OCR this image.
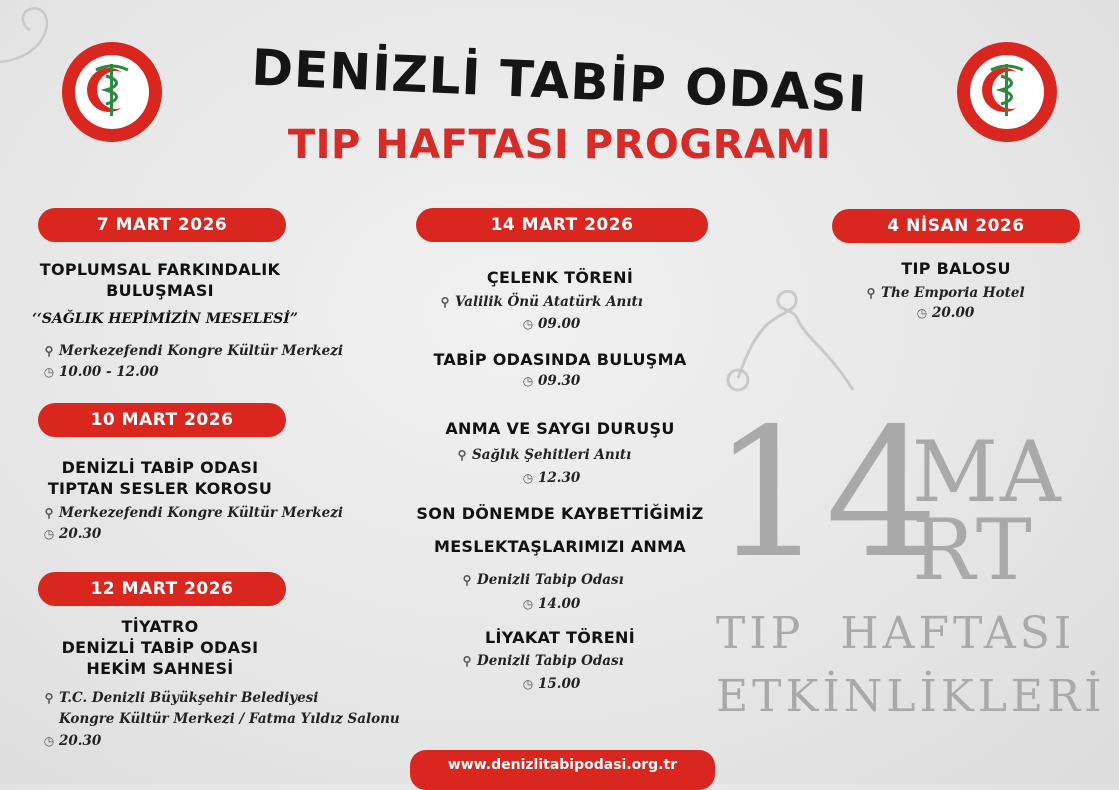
DENİZLİ TABİP ODASI
TIP HAFTASI PROGRAMI
14
MA
RT
TIP  HAFTASI
ETKİNLİKLERİ
7 MART 2026
TOPLUMSAL FARKINDALIK
BULUŞMASI
‘‘SAĞLIK HEPİMİZİN MESELESİ”
⚲ Merkezefendi Kongre Kültür Merkezi
◷ 10.00 - 12.00
10 MART 2026
DENİZLİ TABİP ODASI
TIPTAN SESLER KOROSU
⚲ Merkezefendi Kongre Kültür Merkezi
◷ 20.30
12 MART 2026
TİYATRO
DENİZLİ TABİP ODASI
HEKİM SAHNESİ
⚲ T.C. Denizli Büyükşehir Belediyesi
Kongre Kültür Merkezi / Fatma Yıldız Salonu
◷ 20.30
14 MART 2026
ÇELENK TÖRENİ
⚲ Valilik Önü Atatürk Anıtı
◷ 09.00
TABİP ODASINDA BULUŞMA
◷ 09.30
ANMA VE SAYGI DURUŞU
⚲ Sağlık Şehitleri Anıtı
◷ 12.30
SON DÖNEMDE KAYBETTİĞİMİZ
MESLEKTAŞLARIMIZI ANMA
⚲ Denizli Tabip Odası
◷ 14.00
LİYAKAT TÖRENİ
⚲ Denizli Tabip Odası
◷ 15.00
4 NİSAN 2026
TIP BALOSU
⚲ The Emporia Hotel
◷ 20.00
www.denizlitabipodasi.org.tr
